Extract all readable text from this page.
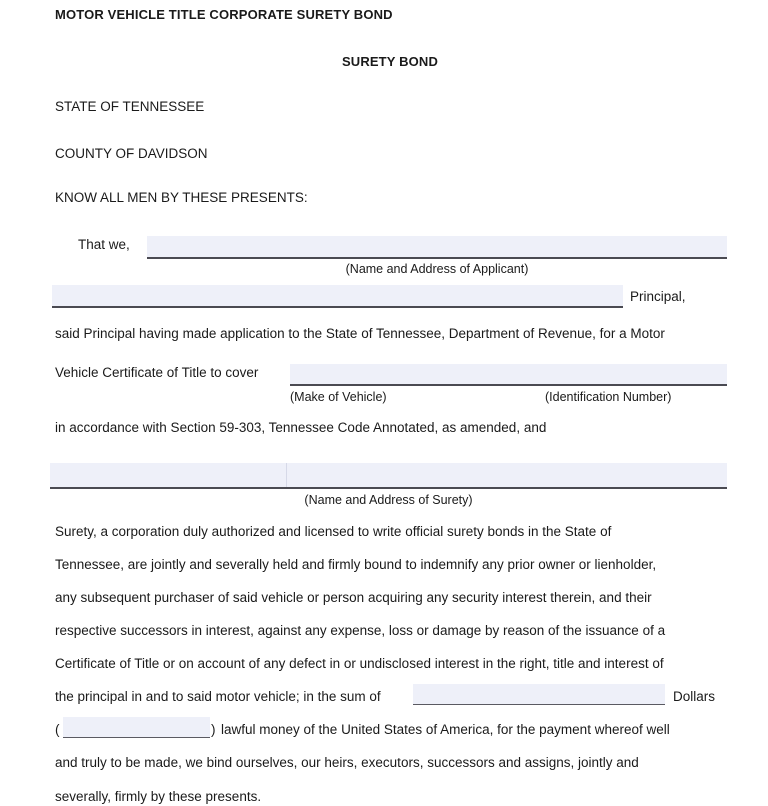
MOTOR VEHICLE TITLE CORPORATE SURETY BOND
SURETY BOND
STATE OF TENNESSEE
COUNTY OF DAVIDSON
KNOW ALL MEN BY THESE PRESENTS:
That we,
(Name and Address of Applicant)
Principal,
said Principal having made application to the State of Tennessee, Department of Revenue, for a Motor
Vehicle Certificate of Title to cover
(Make of Vehicle)	(Identification Number)
in accordance with Section 59-303, Tennessee Code Annotated, as amended, and
(Name and Address of Surety)
Surety, a corporation duly authorized and licensed to write official surety bonds in the State of
Tennessee, are jointly and severally held and firmly bound to indemnify any prior owner or lienholder,
any subsequent purchaser of said vehicle or person acquiring any security interest therein, and their
respective successors in interest, against any expense, loss or damage by reason of the issuance of a
Certificate of Title or on account of any defect in or undisclosed interest in the right, title and interest of
the principal in and to said motor vehicle; in the sum of	Dollars
(	) lawful money of the United States of America, for the payment whereof well
and truly to be made, we bind ourselves, our heirs, executors, successors and assigns, jointly and
severally, firmly by these presents.
